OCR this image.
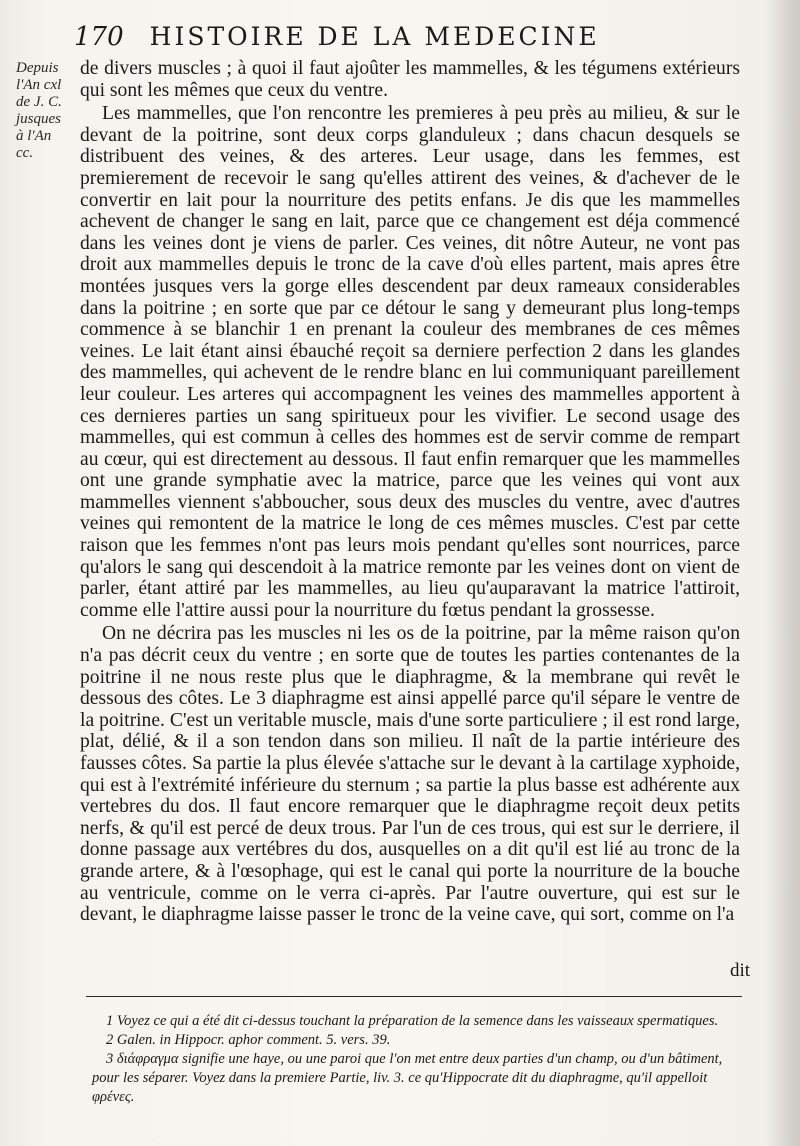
170 HISTOIRE DE LA MEDECINE
Depuis
l'An cxl
de J. C.
jusques
à l'An
cc.

de divers muscles ; à quoi il faut ajoûter les mammelles, & les tégumens extérieurs qui sont les mêmes que ceux du ventre.

Les mammelles, que l'on rencontre les premieres à peu près au milieu, & sur le devant de la poitrine, sont deux corps glanduleux ; dans chacun desquels se distribuent des veines, & des arteres. Leur usage, dans les femmes, est premierement de recevoir le sang qu'elles attirent des veines, & d'achever de le convertir en lait pour la nourriture des petits enfans. Je dis que les mammelles achevent de changer le sang en lait, parce que ce changement est déja commencé dans les veines dont je viens de parler. Ces veines, dit nôtre Auteur, ne vont pas droit aux mammelles depuis le tronc de la cave d'où elles partent, mais apres être montées jusques vers la gorge elles descendent par deux rameaux considerables dans la poitrine ; en sorte que par ce détour le sang y demeurant plus long-temps commence à se blanchir 1 en prenant la couleur des membranes de ces mêmes veines. Le lait étant ainsi ébauché reçoit sa derniere perfection 2 dans les glandes des mammelles, qui achevent de le rendre blanc en lui communiquant pareillement leur couleur. Les arteres qui accompagnent les veines des mammelles apportent à ces dernieres parties un sang spiritueux pour les vivifier. Le second usage des mammelles, qui est commun à celles des hommes est de servir comme de rempart au cœur, qui est directement au dessous. Il faut enfin remarquer que les mammelles ont une grande symphatie avec la matrice, parce que les veines qui vont aux mammelles viennent s'abboucher, sous deux des muscles du ventre, avec d'autres veines qui remontent de la matrice le long de ces mêmes muscles. C'est par cette raison que les femmes n'ont pas leurs mois pendant qu'elles sont nourrices, parce qu'alors le sang qui descendoit à la matrice remonte par les veines dont on vient de parler, étant attiré par les mammelles, au lieu qu'auparavant la matrice l'attiroit, comme elle l'attire aussi pour la nourriture du fœtus pendant la grossesse.

On ne décrira pas les muscles ni les os de la poitrine, par la même raison qu'on n'a pas décrit ceux du ventre ; en sorte que de toutes les parties contenantes de la poitrine il ne nous reste plus que le diaphragme, & la membrane qui revêt le dessous des côtes. Le 3 diaphragme est ainsi appellé parce qu'il sépare le ventre de la poitrine. C'est un veritable muscle, mais d'une sorte particuliere ; il est rond large, plat, délié, & il a son tendon dans son milieu. Il naît de la partie intérieure des fausses côtes. Sa partie la plus élevée s'attache sur le devant à la cartilage xyphoide, qui est à l'extrémité inférieure du sternum ; sa partie la plus basse est adhérente aux vertebres du dos. Il faut encore remarquer que le diaphragme reçoit deux petits nerfs, & qu'il est percé de deux trous. Par l'un de ces trous, qui est sur le derriere, il donne passage aux vertébres du dos, ausquelles on a dit qu'il est lié au tronc de la grande artere, & à l'œsophage, qui est le canal qui porte la nourriture de la bouche au ventricule, comme on le verra ci-après. Par l'autre ouverture, qui est sur le devant, le diaphragme laisse passer le tronc de la veine cave, qui sort, comme on l'a

dit

1 Voyez ce qui a été dit ci-dessus touchant la préparation de la semence dans les vaisseaux spermatiques.

2 Galen. in Hippocr. aphor comment. 5. vers. 39.

3 διάφραγμα signifie une haye, ou une paroi que l'on met entre deux parties d'un champ, ou d'un bâtiment, pour les séparer. Voyez dans la premiere Partie, liv. 3. ce qu'Hippocrate dit du diaphragme, qu'il appelloit φρένες.
